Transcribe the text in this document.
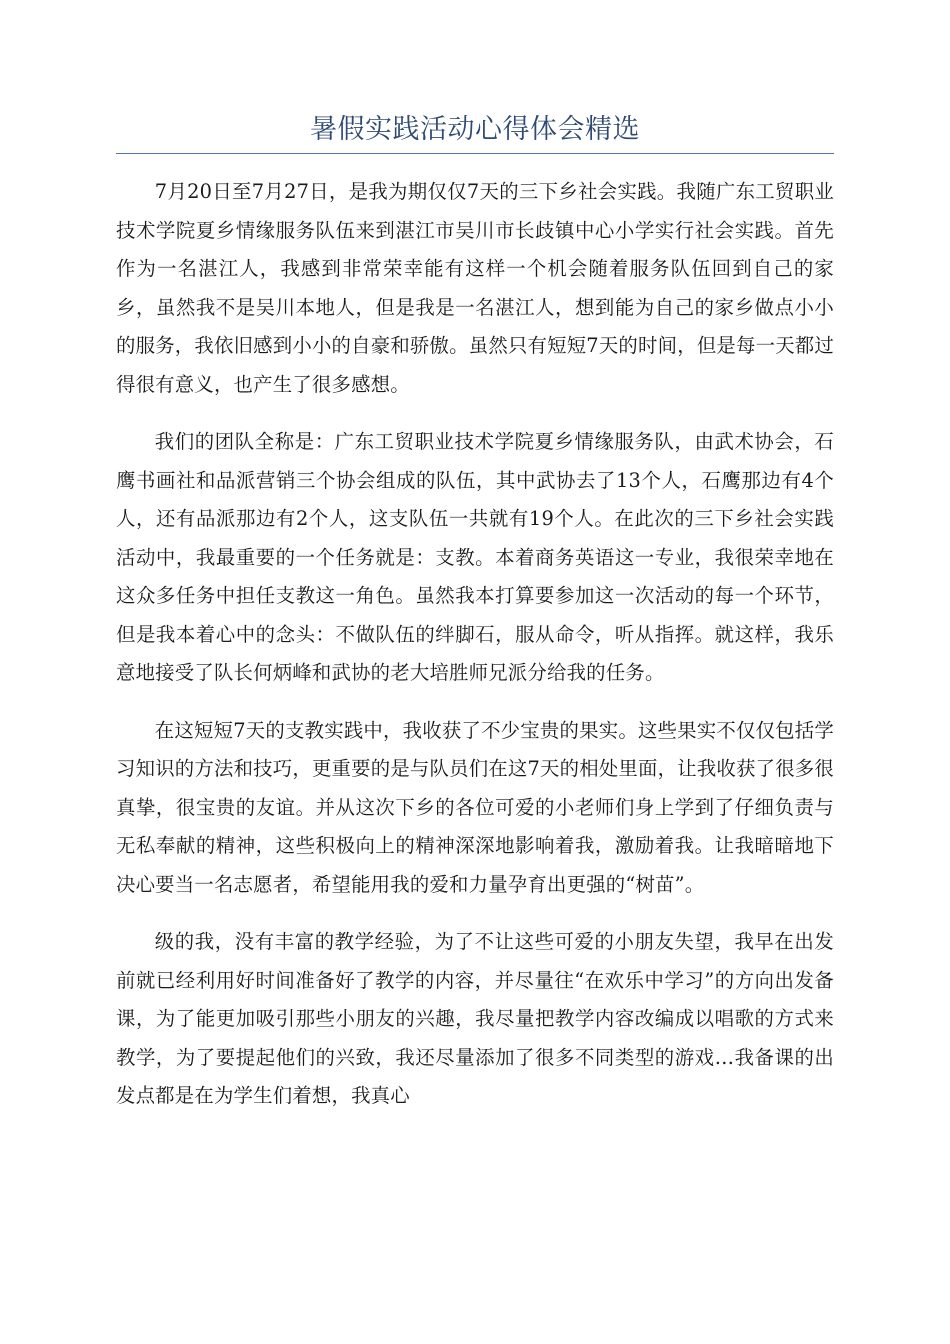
暑假实践活动心得体会精选

7月20日至7月27日，是我为期仅仅7天的三下乡社会实践。我随广东工贸职业技术学院夏乡情缘服务队伍来到湛江市吴川市长歧镇中心小学实行社会实践。首先作为一名湛江人，我感到非常荣幸能有这样一个机会随着服务队伍回到自己的家乡，虽然我不是吴川本地人，但是我是一名湛江人，想到能为自己的家乡做点小小的服务，我依旧感到小小的自豪和骄傲。虽然只有短短7天的时间，但是每一天都过得很有意义，也产生了很多感想。

我们的团队全称是：广东工贸职业技术学院夏乡情缘服务队，由武术协会，石鹰书画社和品派营销三个协会组成的队伍，其中武协去了13个人，石鹰那边有4个人，还有品派那边有2个人，这支队伍一共就有19个人。在此次的三下乡社会实践活动中，我最重要的一个任务就是：支教。本着商务英语这一专业，我很荣幸地在这众多任务中担任支教这一角色。虽然我本打算要参加这一次活动的每一个环节，但是我本着心中的念头：不做队伍的绊脚石，服从命令，听从指挥。就这样，我乐意地接受了队长何炳峰和武协的老大培胜师兄派分给我的任务。

在这短短7天的支教实践中，我收获了不少宝贵的果实。这些果实不仅仅包括学习知识的方法和技巧，更重要的是与队员们在这7天的相处里面，让我收获了很多很真挚，很宝贵的友谊。并从这次下乡的各位可爱的小老师们身上学到了仔细负责与无私奉献的精神，这些积极向上的精神深深地影响着我，激励着我。让我暗暗地下决心要当一名志愿者，希望能用我的爱和力量孕育出更强的“树苗”。

级的我，没有丰富的教学经验，为了不让这些可爱的小朋友失望，我早在出发前就已经利用好时间准备好了教学的内容，并尽量往“在欢乐中学习”的方向出发备课，为了能更加吸引那些小朋友的兴趣，我尽量把教学内容改编成以唱歌的方式来教学，为了要提起他们的兴致，我还尽量添加了很多不同类型的游戏…我备课的出发点都是在为学生们着想，我真心
